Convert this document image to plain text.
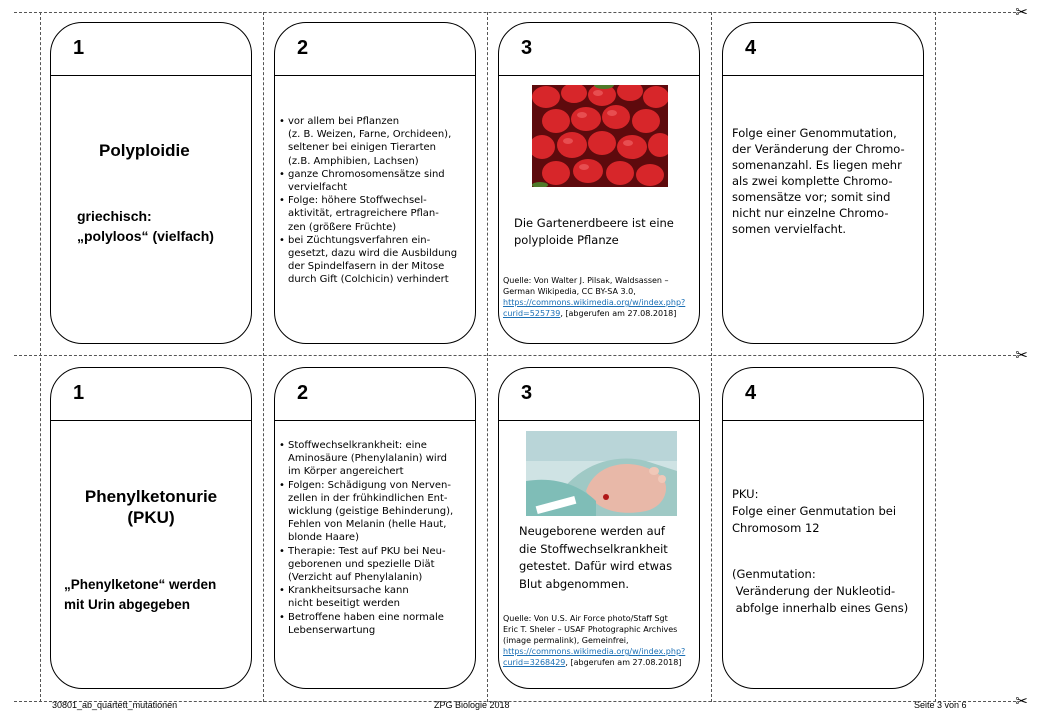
✂
✂
✂
1
Polyploidie
griechisch:
„polyloos“ (vielfach)
2
• vor allem bei Pflanzen
(z. B. Weizen, Farne, Orchideen),
seltener bei einigen Tierarten
(z.B. Amphibien, Lachsen)
• ganze Chromosomensätze sind
vervielfacht
• Folge: höhere Stoffwechsel-
aktivität, ertragreichere Pflan-
zen (größere Früchte)
• bei Züchtungsverfahren ein-
gesetzt, dazu wird die Ausbildung
der Spindelfasern in der Mitose
durch Gift (Colchicin) verhindert
3
Die Gartenerdbeere ist eine
polyploide Pflanze
Quelle: Von Walter J. Pilsak, Waldsassen –
German Wikipedia, CC BY-SA 3.0,
https://commons.wikimedia.org/w/index.php?
curid=525739, [abgerufen am 27.08.2018]
4
Folge einer Genommutation,
der Veränderung der Chromo-
somenanzahl. Es liegen mehr
als zwei komplette Chromo-
somensätze vor; somit sind
nicht nur einzelne Chromo-
somen vervielfacht.
1
Phenylketonurie
(PKU)
„Phenylketone“ werden
mit Urin abgegeben
2
• Stoffwechselkrankheit: eine
Aminosäure (Phenylalanin) wird
im Körper angereichert
• Folgen: Schädigung von Nerven-
zellen in der frühkindlichen Ent-
wicklung (geistige Behinderung),
Fehlen von Melanin (helle Haut,
blonde Haare)
• Therapie: Test auf PKU bei Neu-
geborenen und spezielle Diät
(Verzicht auf Phenylalanin)
• Krankheitsursache kann
nicht beseitigt werden
• Betroffene haben eine normale
Lebenserwartung
3
Neugeborene werden auf
die Stoffwechselkrankheit
getestet. Dafür wird etwas
Blut abgenommen.
Quelle: Von U.S. Air Force photo/Staff Sgt
Eric T. Sheler – USAF Photographic Archives
(image permalink), Gemeinfrei,
https://commons.wikimedia.org/w/index.php?
curid=3268429, [abgerufen am 27.08.2018]
4
PKU:
Folge einer Genmutation bei
Chromosom 12
(Genmutation:
Veränderung der Nukleotid-
abfolge innerhalb eines Gens)
30801_ab_quartett_mutationen	ZPG Biologie 2018	Seite 3 von 6
